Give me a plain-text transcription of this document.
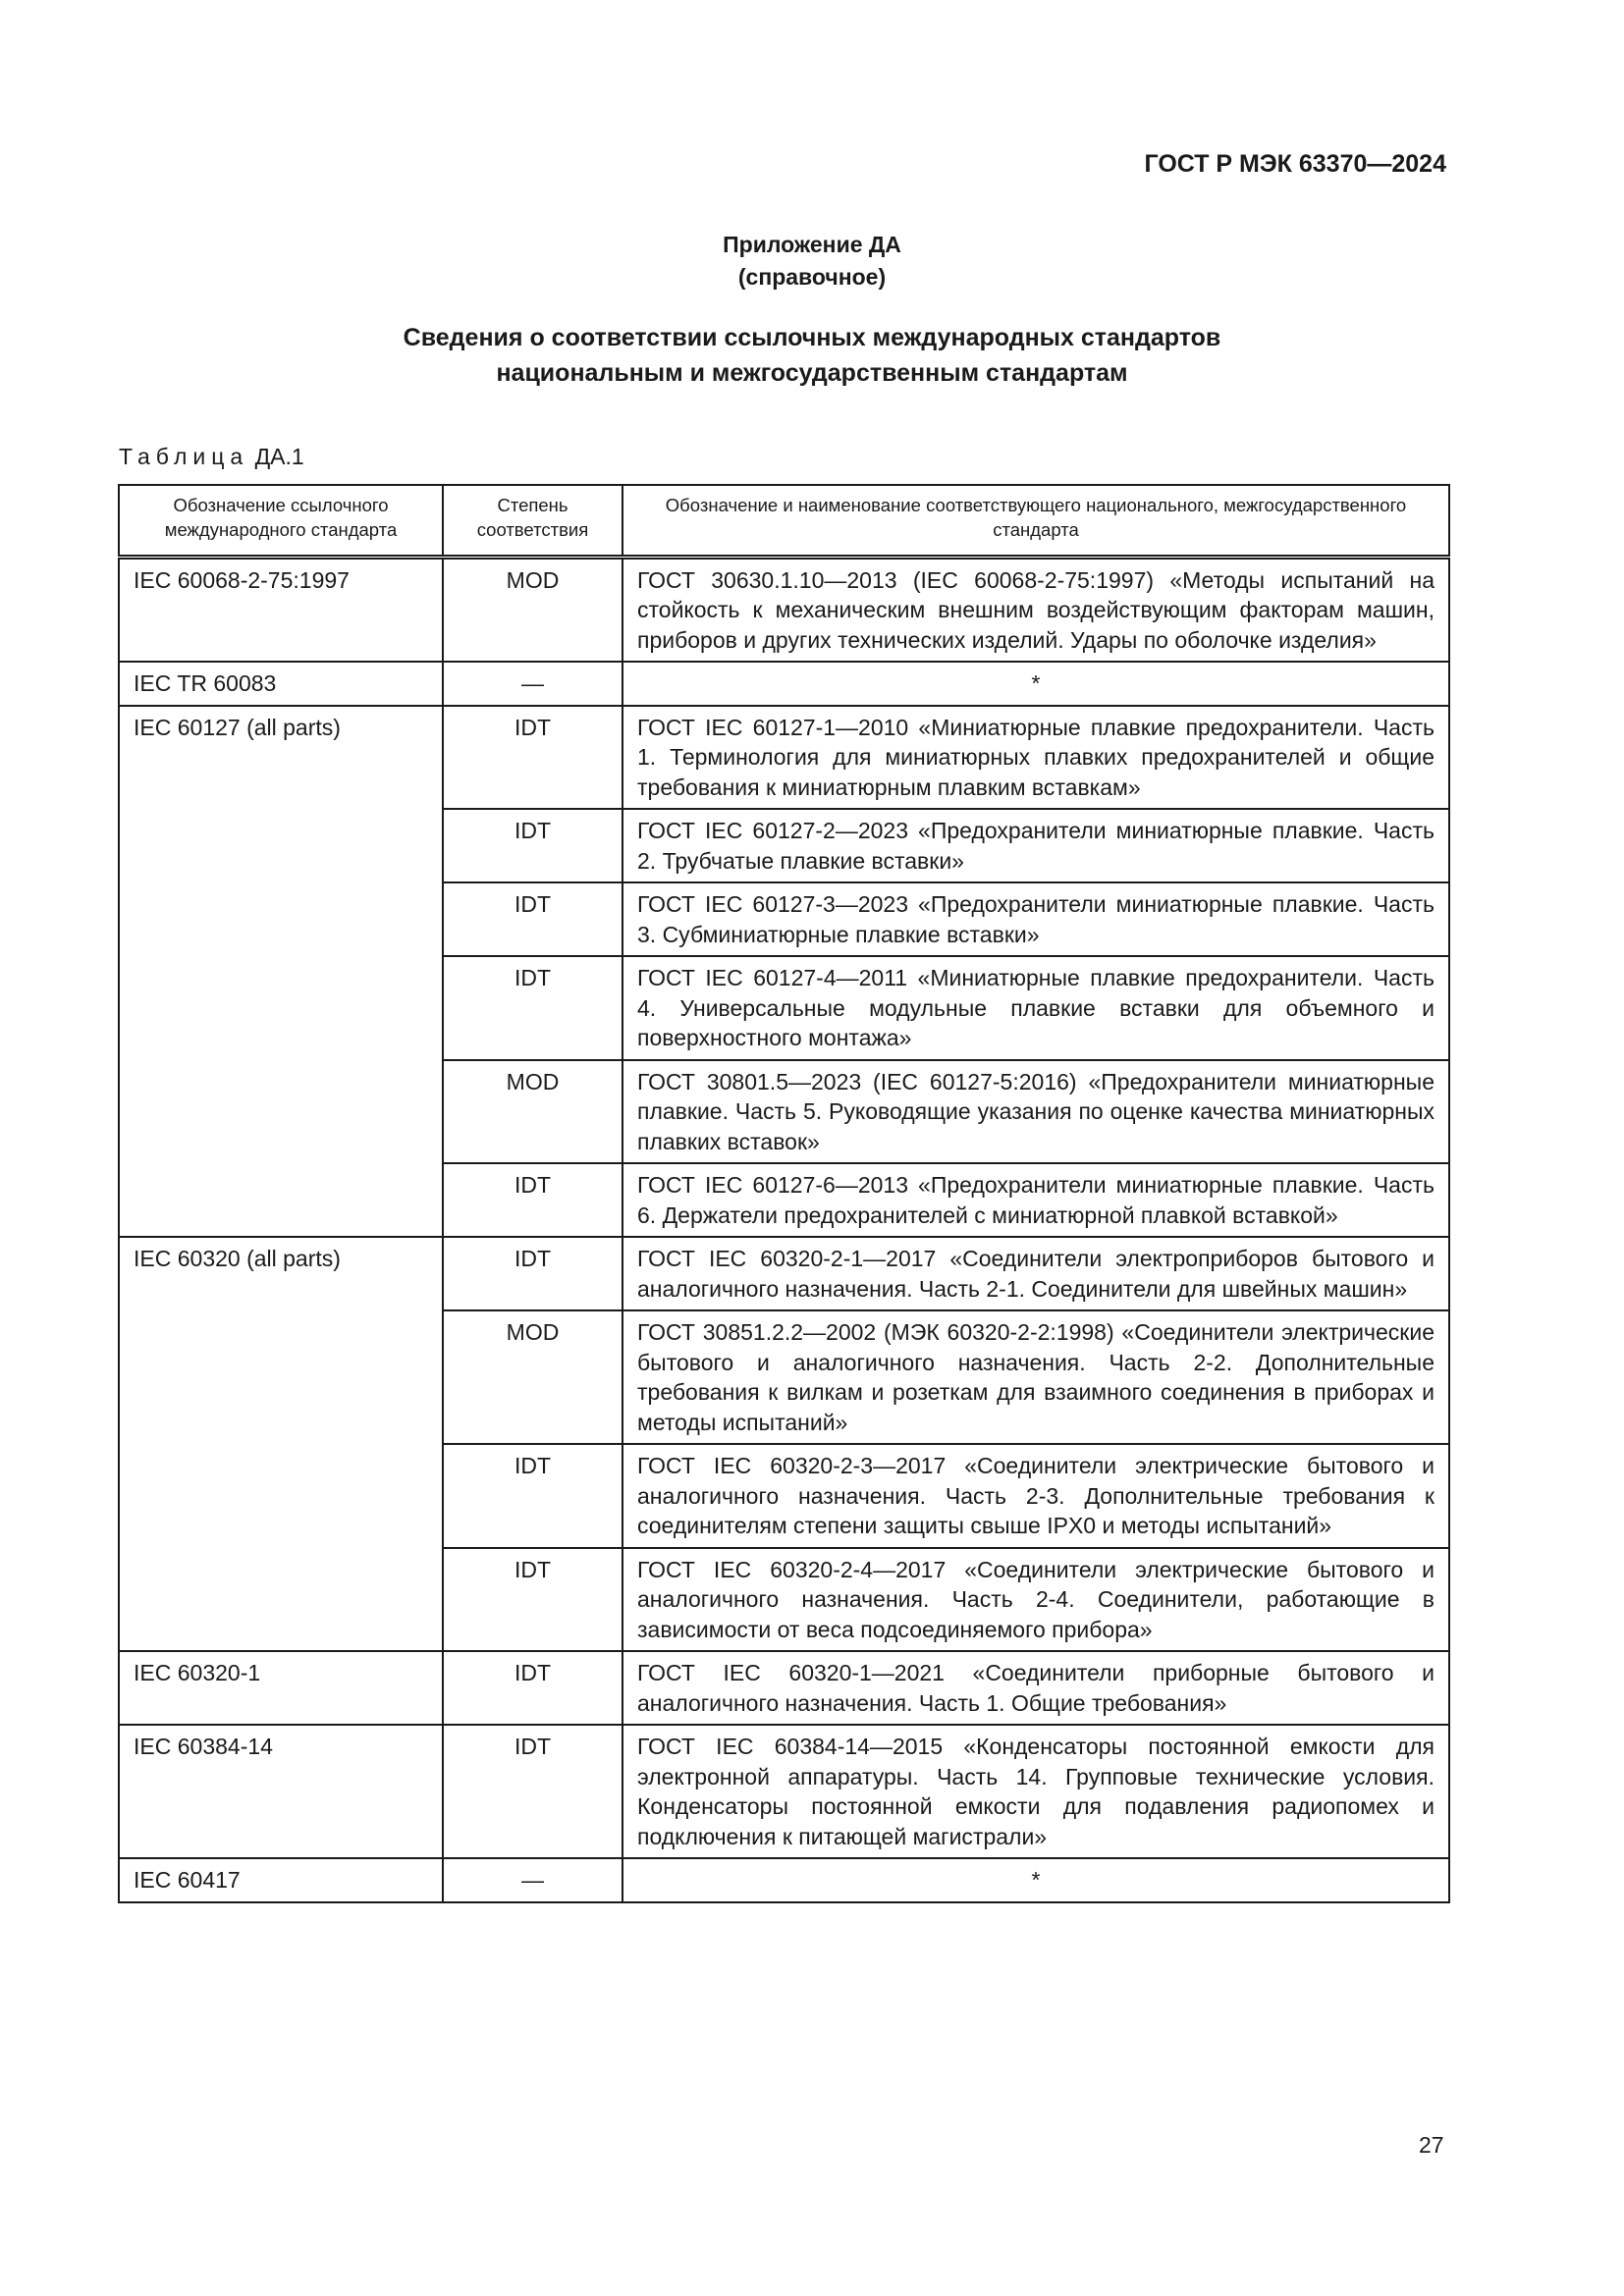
ГОСТ Р МЭК 63370—2024
Приложение ДА
(справочное)
Сведения о соответствии ссылочных международных стандартов
национальным и межгосударственным стандартам
Таблица ДА.1
Обозначение ссылочного международного стандарта	Степень соответствия	Обозначение и наименование соответствующего национального, межгосударственного стандарта
IEC 60068-2-75:1997	MOD	ГОСТ 30630.1.10—2013 (IEC 60068-2-75:1997) «Методы испытаний на стойкость к механическим внешним воздействующим факторам машин, приборов и других технических изделий. Удары по оболочке изделия»
IEC TR 60083	—	*
IEC 60127 (all parts)	IDT	ГОСТ IEC 60127-1—2010 «Миниатюрные плавкие предохранители. Часть 1. Терминология для миниатюрных плавких предохранителей и общие требования к миниатюрным плавким вставкам»
	IDT	ГОСТ IEC 60127-2—2023 «Предохранители миниатюрные плавкие. Часть 2. Трубчатые плавкие вставки»
	IDT	ГОСТ IEC 60127-3—2023 «Предохранители миниатюрные плавкие. Часть 3. Субминиатюрные плавкие вставки»
	IDT	ГОСТ IEC 60127-4—2011 «Миниатюрные плавкие предохранители. Часть 4. Универсальные модульные плавкие вставки для объемного и поверхностного монтажа»
	MOD	ГОСТ 30801.5—2023 (IEC 60127-5:2016) «Предохранители миниатюрные плавкие. Часть 5. Руководящие указания по оценке качества миниатюрных плавких вставок»
	IDT	ГОСТ IEC 60127-6—2013 «Предохранители миниатюрные плавкие. Часть 6. Держатели предохранителей с миниатюрной плавкой вставкой»
IEC 60320 (all parts)	IDT	ГОСТ IEC 60320-2-1—2017 «Соединители электроприборов бытового и аналогичного назначения. Часть 2-1. Соединители для швейных машин»
	MOD	ГОСТ 30851.2.2—2002 (МЭК 60320-2-2:1998) «Соединители электрические бытового и аналогичного назначения. Часть 2-2. Дополнительные требования к вилкам и розеткам для взаимного соединения в приборах и методы испытаний»
	IDT	ГОСТ IEC 60320-2-3—2017 «Соединители электрические бытового и аналогичного назначения. Часть 2-3. Дополнительные требования к соединителям степени защиты свыше IPX0 и методы испытаний»
	IDT	ГОСТ IEC 60320-2-4—2017 «Соединители электрические бытового и аналогичного назначения. Часть 2-4. Соединители, работающие в зависимости от веса подсоединяемого прибора»
IEC 60320-1	IDT	ГОСТ IEC 60320-1—2021 «Соединители приборные бытового и аналогичного назначения. Часть 1. Общие требования»
IEC 60384-14	IDT	ГОСТ IEC 60384-14—2015 «Конденсаторы постоянной емкости для электронной аппаратуры. Часть 14. Групповые технические условия. Конденсаторы постоянной емкости для подавления радиопомех и подключения к питающей магистрали»
IEC 60417	—	*
27
